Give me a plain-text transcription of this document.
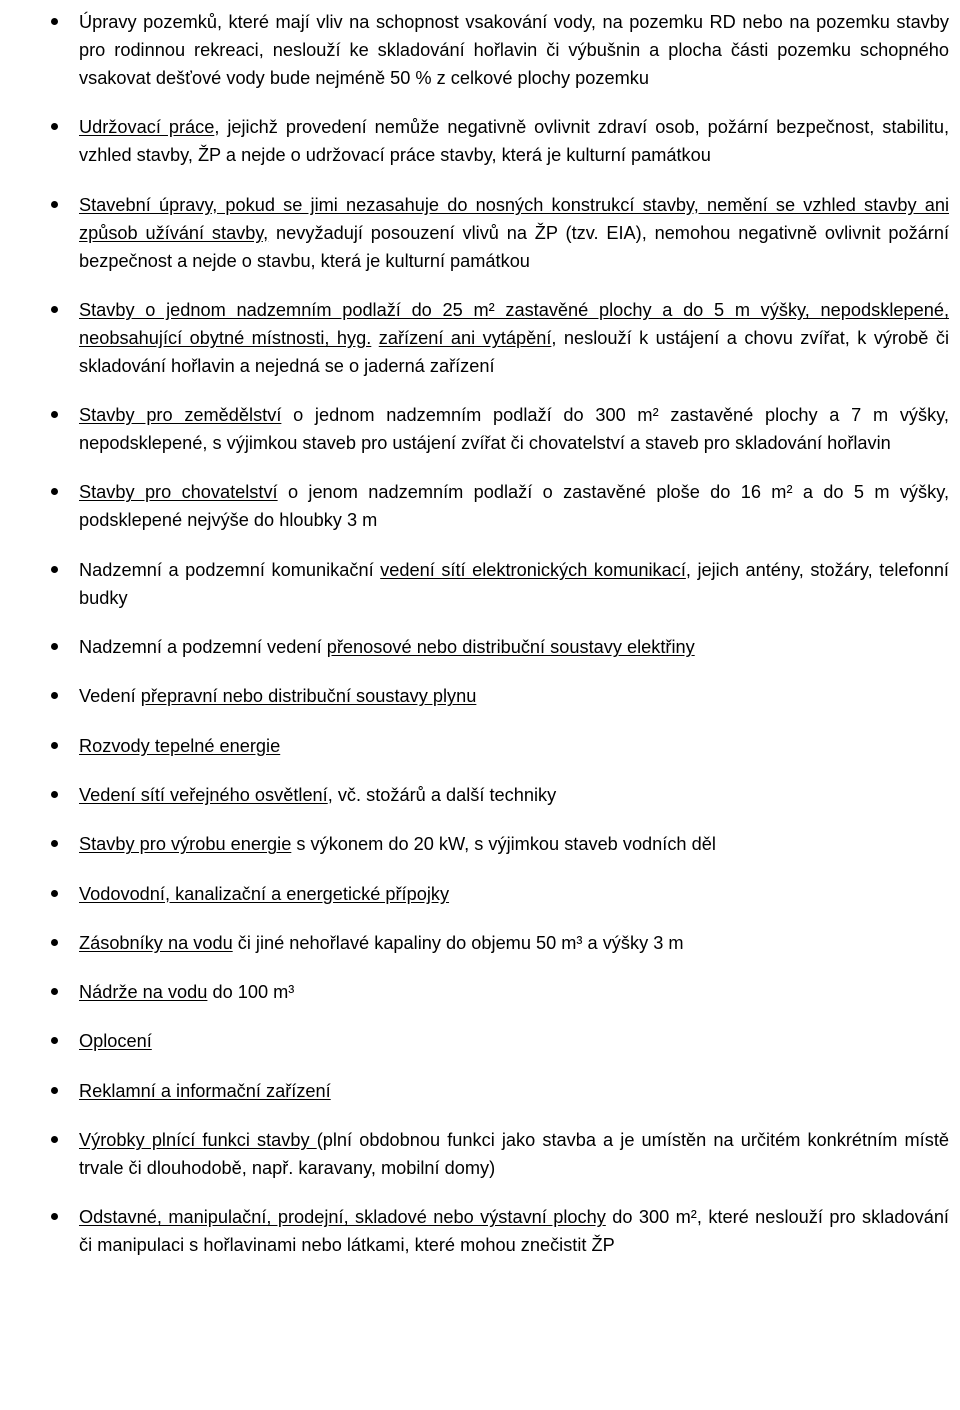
Úpravy pozemků, které mají vliv na schopnost vsakování vody, na pozemku RD nebo na pozemku stavby pro rodinnou rekreaci, neslouží ke skladování hořlavin či výbušnin a plocha části pozemku schopného vsakovat dešťové vody bude nejméně 50 % z celkové plochy pozemku
Udržovací práce, jejichž provedení nemůže negativně ovlivnit zdraví osob, požární bezpečnost, stabilitu, vzhled stavby, ŽP a nejde o udržovací práce stavby, která je kulturní památkou
Stavební úpravy, pokud se jimi nezasahuje do nosných konstrukcí stavby, nemění se vzhled stavby ani způsob užívání stavby, nevyžadují posouzení vlivů na ŽP (tzv. EIA), nemohou negativně ovlivnit požární bezpečnost a nejde o stavbu, která je kulturní památkou
Stavby o jednom nadzemním podlaží do 25 m² zastavěné plochy a do 5 m výšky, nepodsklepené, neobsahující obytné místnosti, hyg. zařízení ani vytápění, neslouží k ustájení a chovu zvířat, k výrobě či skladování hořlavin a nejedná se o jaderná zařízení
Stavby pro zemědělství o jednom nadzemním podlaží do 300 m² zastavěné plochy a 7 m výšky, nepodsklepené, s výjimkou staveb pro ustájení zvířat či chovatelství a staveb pro skladování hořlavin
Stavby pro chovatelství o jenom nadzemním podlaží o zastavěné ploše do 16 m² a do 5 m výšky, podsklepené nejvýše do hloubky 3 m
Nadzemní a podzemní komunikační vedení sítí elektronických komunikací, jejich antény, stožáry, telefonní budky
Nadzemní a podzemní vedení přenosové nebo distribuční soustavy elektřiny
Vedení přepravní nebo distribuční soustavy plynu
Rozvody tepelné energie
Vedení sítí veřejného osvětlení, vč. stožárů a další techniky
Stavby pro výrobu energie s výkonem do 20 kW, s výjimkou staveb vodních děl
Vodovodní, kanalizační a energetické přípojky
Zásobníky na vodu či jiné nehořlavé kapaliny do objemu 50 m³ a výšky 3 m
Nádrže na vodu do 100 m³
Oplocení
Reklamní a informační zařízení
Výrobky plnící funkci stavby (plní obdobnou funkci jako stavba a je umístěn na určitém konkrétním místě trvale či dlouhodobě, např. karavany, mobilní domy)
Odstavné, manipulační, prodejní, skladové nebo výstavní plochy do 300 m², které neslouží pro skladování či manipulaci s hořlavinami nebo látkami, které mohou znečistit ŽP
